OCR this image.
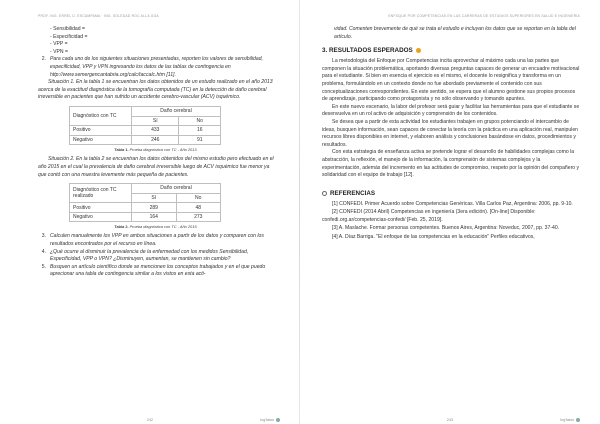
PROF. ING. ERREL D. ESCAMPAMA · ING. SOLEDAD ROC ALLA GOA
- Sensibilidad =
- Especificidad =
- VPP =
- VPN =
2. Para cada uno de los siguientes situaciones presentadas, reporten los valores de sensibilidad, especificidad, VPP y VPN ingresando los datos de las tablas de contingencia en http://www.semergencantabria.org/calc/taccalc.htm [11].

Situación 1. En la tabla 1 se encuentran los datos obtenidos de un estudio realizado en el año 2013 acerca de la exactitud diagnóstica de la tomografía computada (TC) en la detección de daño cerebral irreversible en pacientes que han sufrido un accidente cerebro-vascular (ACV) isquémico.

Diagnóstico con TC	Daño cerebral	
	Sí	No
Positivo	433	16
Negativo	246	91
Tabla 1. Prueba diagnóstica con TC - Año 2013.

Situación 2. En la tabla 2 se encuentran los datos obtenidos del mismo estudio pero efectuado en el año 2015 en el cual la prevalencia de daño cerebral irreversible luego de ACV isquémico fue menor ya que contó con una muestra levemente más pequeña de pacientes.

Diagnóstico con TC realizado	Daño cerebral	
	Sí	No
Positivo	289	48
Negativo	164	273
Tabla 2. Prueba diagnóstica con TC - Año 2015.
3. Calculen manualmente los VPP en ambos situaciones a partir de los datos y comparen con los resultados encontrados por el recurso en línea.
4. ¿Qué ocurre al disminuir la prevalencia de la enfermedad con los medidos Sensibilidad, Especificidad, VPP o VPN? ¿Disminuyen, aumentan, se mantienen sin cambio?
5. Busquen un artículo científico donde se mencionen los conceptos trabajados y en el que puedo aprecionar una tabla de contingencia similar a los vistos en esta acti-
242	Ing'fatos
ENFOQUE POR COMPETENCIAS EN LAS CARRERAS DE ESTUDIOS SUPERIORES EN SALUD E INGENIERÍA

vidad. Comenten brevemente de qué se trata el estudio e incluyan los datos que se reportan en la tabla del artículo.

3. RESULTADOS ESPERADOS

La metodología del Enfoque por Competencias incita aprovechar al máximo cada una las partes que componen la situación problemática, aportando diversas preguntas capaces de generar un encuadre motivacional para el estudiante. Si bien en esencia el ejercicio es el mismo, el docente lo resignifica y transforma en un problema, formulándolo en un contexto donde no fue abordado previamente el contenido con sus conceptualizaciones correspondientes. En este sentido, se espera que el alumno gestione sus propios procesos de aprendizaje, participando como protagonista y no sólo observando y tomando apuntes.

En este nuevo escenario, la labor del profesor será guiar y facilitar las herramientas para que el estudiante se desenvuelva en un rol activo de adquisición y comprensión de los contenidos.

Se desea que a partir de esta actividad los estudiantes trabajen en grupos potenciando el intercambio de ideas, busquen información, sean capaces de conectar la teoría con la práctica en una aplicación real, manipulen recursos libres disponibles en internet, y elaboren análisis y conclusiones basándose en datos, procedimientos y resultados.

Con esta estrategia de enseñanza activa se pretende lograr el desarrollo de habilidades complejas como la abstracción, la reflexión, el manejo de la información, la comprensión de sistemas complejos y la experimentación, además del incremento en las actitudes de compromiso, respeto por la opinión del compañero y solidaridad con el equipo de trabajo [12].

REFERENCIAS

[1] CONFEDI. Primer Acuerdo sobre Competencias Genéricas. Villa Carlos Paz, Argentina: 2006, pp. 9-10.

[2] CONFEDI (2014 Abril) Competencias en ingeniería (3era edición). [On-line] Disponible: confedi.org.ar/competencias-confedi/ [Feb. 25, 2019].

[3] A. Maslache. Formar personas competentes. Buenos Aires, Argentina: Noveduc, 2007, pp. 37-40.

[4] A. Díaz Barriga. "El enfoque de las competencias en la educación" Perfiles educativos,

243	Ing'fatos
